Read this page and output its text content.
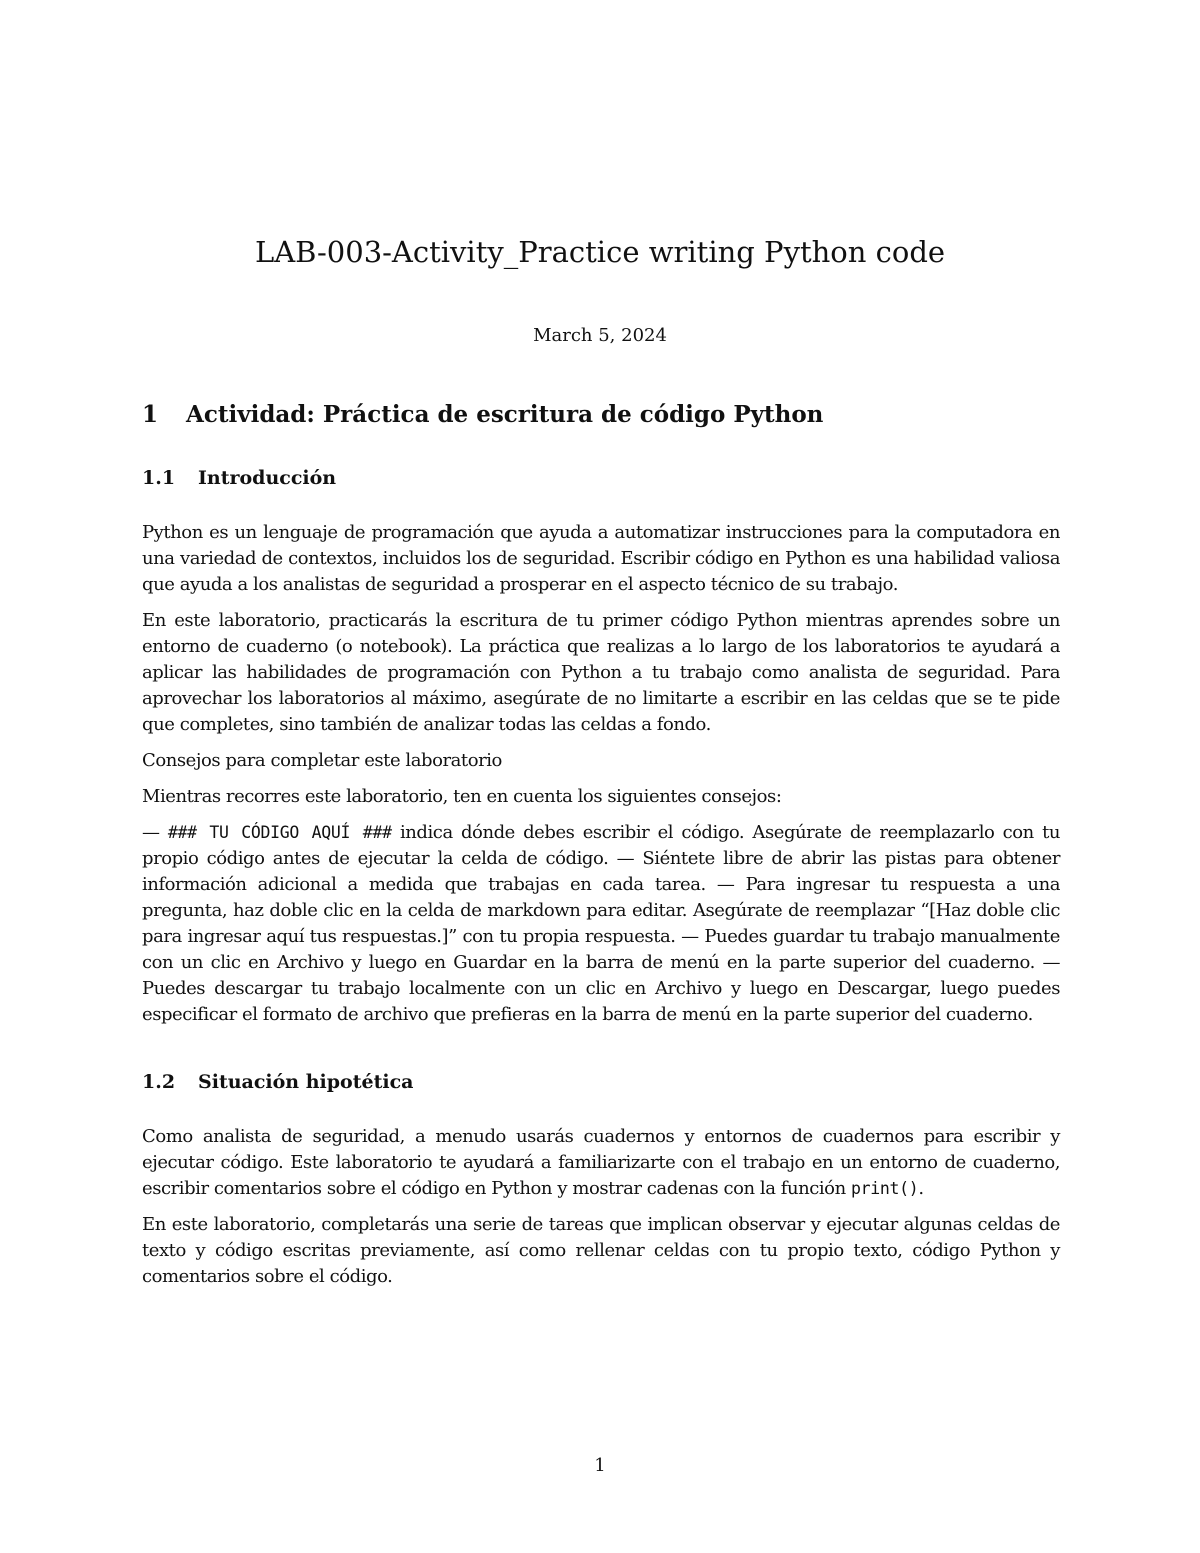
LAB-003-Activity_Practice writing Python code
March 5, 2024
1 Actividad: Práctica de escritura de código Python
1.1 Introducción

Python es un lenguaje de programación que ayuda a automatizar instrucciones para la computadora en una variedad de contextos, incluidos los de seguridad. Escribir código en Python es una habilidad valiosa que ayuda a los analistas de seguridad a prosperar en el aspecto técnico de su trabajo.

En este laboratorio, practicarás la escritura de tu primer código Python mientras aprendes sobre un entorno de cuaderno (o notebook). La práctica que realizas a lo largo de los laboratorios te ayudará a aplicar las habilidades de programación con Python a tu trabajo como analista de seguridad. Para aprovechar los laboratorios al máximo, asegúrate de no limitarte a escribir en las celdas que se te pide que completes, sino también de analizar todas las celdas a fondo.

Consejos para completar este laboratorio

Mientras recorres este laboratorio, ten en cuenta los siguientes consejos:

— ### TU CÓDIGO AQUÍ ### indica dónde debes escribir el código. Asegúrate de reemplazarlo con tu propio código antes de ejecutar la celda de código. — Siéntete libre de abrir las pistas para obtener información adicional a medida que trabajas en cada tarea. — Para ingresar tu respuesta a una pregunta, haz doble clic en la celda de markdown para editar. Asegúrate de reemplazar “[Haz doble clic para ingresar aquí tus respuestas.]” con tu propia respuesta. — Puedes guardar tu trabajo manualmente con un clic en Archivo y luego en Guardar en la barra de menú en la parte superior del cuaderno. — Puedes descargar tu trabajo localmente con un clic en Archivo y luego en Descargar, luego puedes especificar el formato de archivo que prefieras en la barra de menú en la parte superior del cuaderno.

1.2 Situación hipotética

Como analista de seguridad, a menudo usarás cuadernos y entornos de cuadernos para escribir y ejecutar código. Este laboratorio te ayudará a familiarizarte con el trabajo en un entorno de cuaderno, escribir comentarios sobre el código en Python y mostrar cadenas con la función print().

En este laboratorio, completarás una serie de tareas que implican observar y ejecutar algunas celdas de texto y código escritas previamente, así como rellenar celdas con tu propio texto, código Python y comentarios sobre el código.

1
